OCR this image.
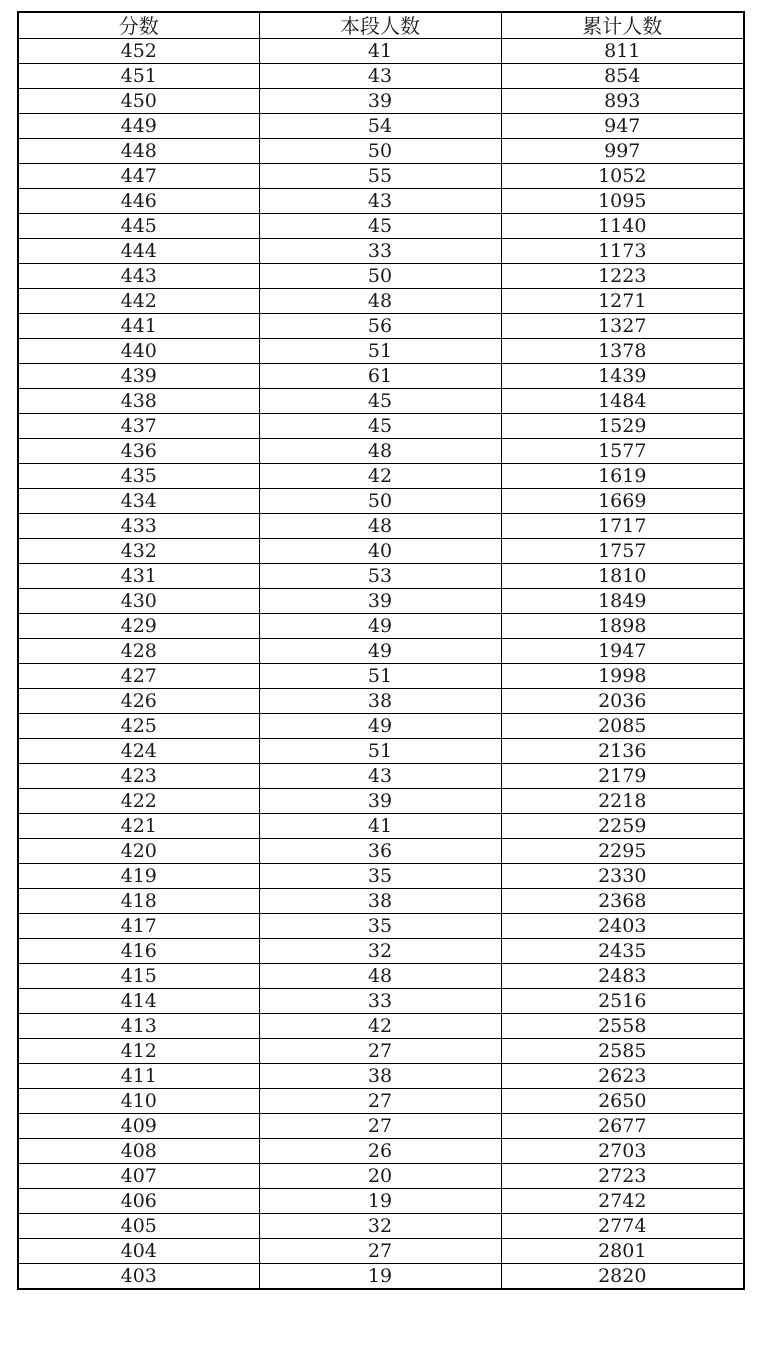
分数	本段人数	累计人数
452	41	811
451	43	854
450	39	893
449	54	947
448	50	997
447	55	1052
446	43	1095
445	45	1140
444	33	1173
443	50	1223
442	48	1271
441	56	1327
440	51	1378
439	61	1439
438	45	1484
437	45	1529
436	48	1577
435	42	1619
434	50	1669
433	48	1717
432	40	1757
431	53	1810
430	39	1849
429	49	1898
428	49	1947
427	51	1998
426	38	2036
425	49	2085
424	51	2136
423	43	2179
422	39	2218
421	41	2259
420	36	2295
419	35	2330
418	38	2368
417	35	2403
416	32	2435
415	48	2483
414	33	2516
413	42	2558
412	27	2585
411	38	2623
410	27	2650
409	27	2677
408	26	2703
407	20	2723
406	19	2742
405	32	2774
404	27	2801
403	19	2820
